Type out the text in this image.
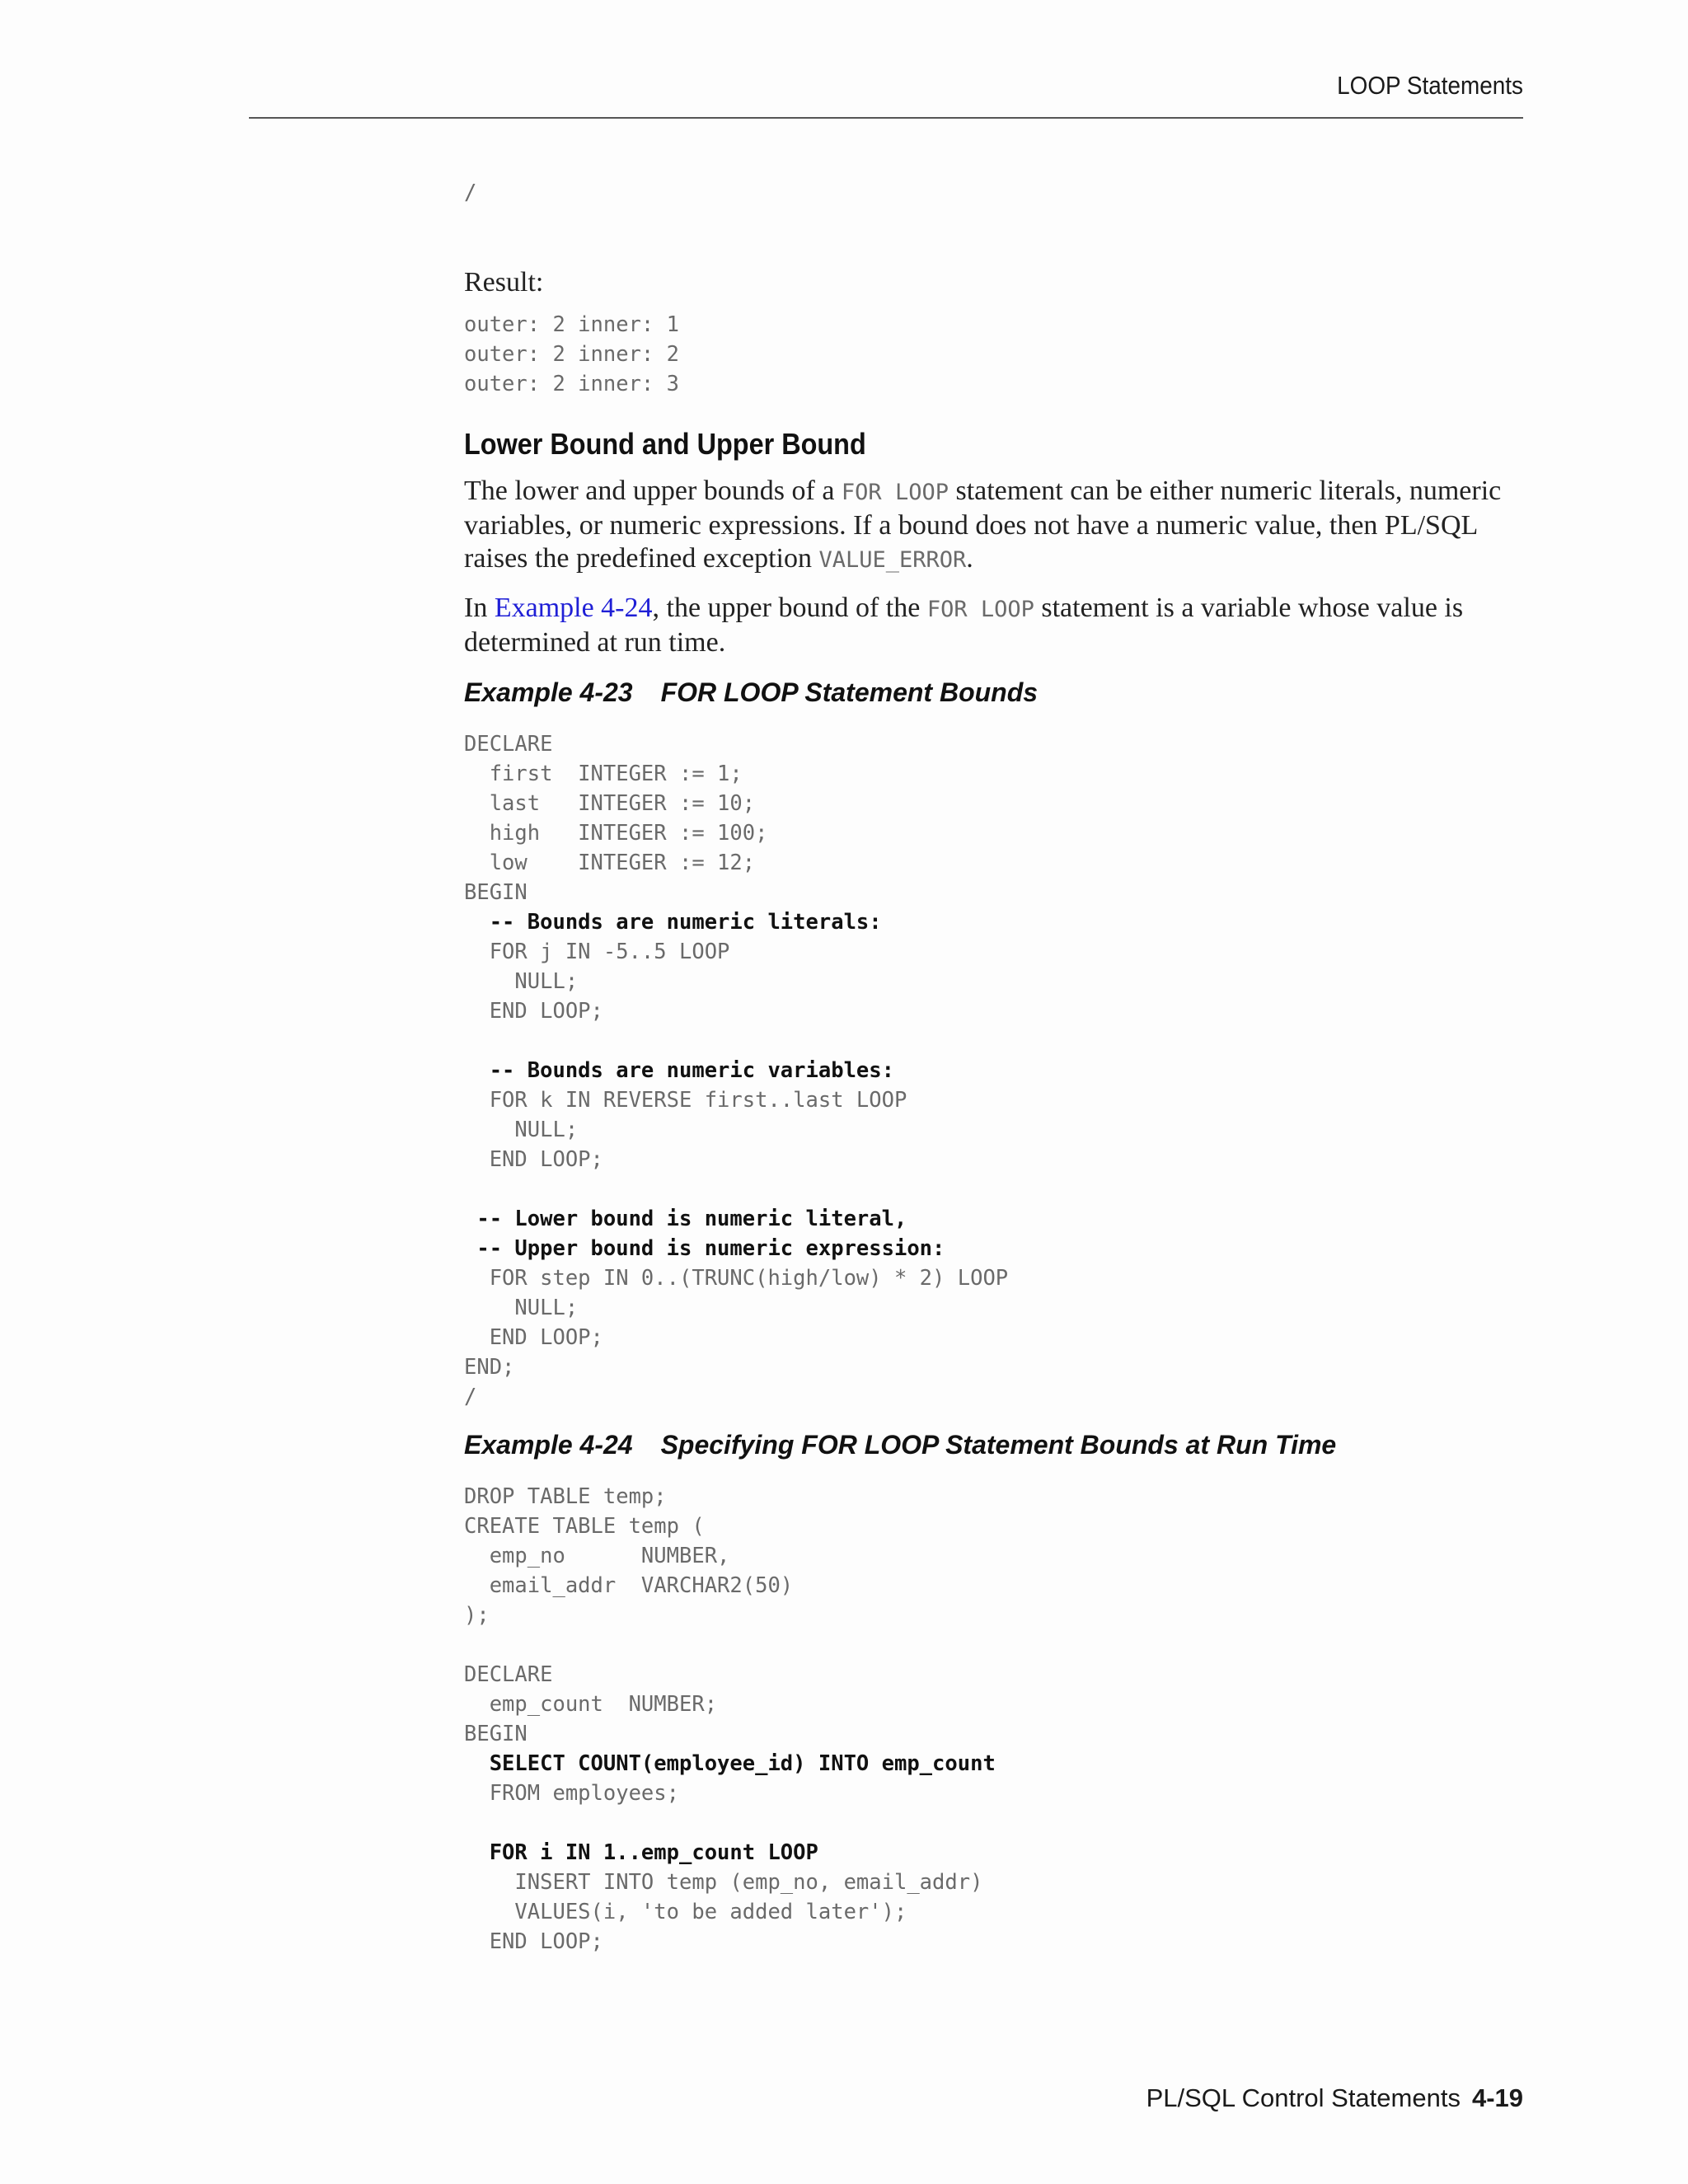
LOOP Statements
/

Result:

outer: 2 inner: 1
outer: 2 inner: 2
outer: 2 inner: 3
Lower Bound and Upper Bound

The lower and upper bounds of a FOR LOOP statement can be either numeric literals, numeric variables, or numeric expressions. If a bound does not have a numeric value, then PL/SQL raises the predefined exception VALUE_ERROR.

In Example 4-24, the upper bound of the FOR LOOP statement is a variable whose value is determined at run time.

Example 4-23 FOR LOOP Statement Bounds

DECLARE
first  INTEGER := 1;
last   INTEGER := 10;
high   INTEGER := 100;
low    INTEGER := 12;
BEGIN
-- Bounds are numeric literals:
FOR j IN -5..5 LOOP
NULL;
END LOOP;

-- Bounds are numeric variables:
FOR k IN REVERSE first..last LOOP
NULL;
END LOOP;

-- Lower bound is numeric literal,
-- Upper bound is numeric expression:
FOR step IN 0..(TRUNC(high/low) * 2) LOOP
NULL;
END LOOP;
END;
/

Example 4-24 Specifying FOR LOOP Statement Bounds at Run Time

DROP TABLE temp;
CREATE TABLE temp (
emp_no      NUMBER,
email_addr  VARCHAR2(50)
);

DECLARE
emp_count  NUMBER;
BEGIN
SELECT COUNT(employee_id) INTO emp_count
FROM employees;

FOR i IN 1..emp_count LOOP
INSERT INTO temp (emp_no, email_addr)
VALUES(i, 'to be added later');
END LOOP;
PL/SQL Control Statements 4-19
